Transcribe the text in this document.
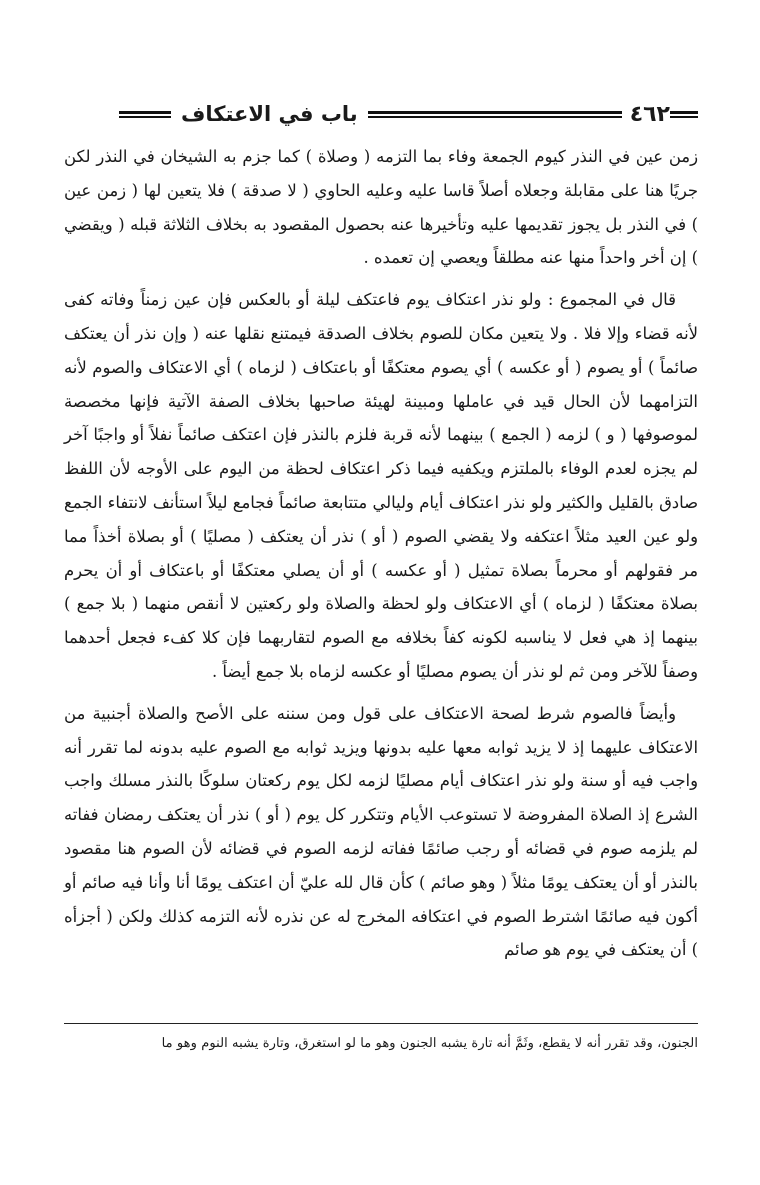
٤٦٢
باب في الاعتكاف

زمن عين في النذر كيوم الجمعة وفاء بما التزمه ( وصلاة ) كما جزم به الشيخان في النذر لكن جريًا هنا على مقابلة وجعلاه أصلاً قاسا عليه وعليه الحاوي ( لا صدقة ) فلا يتعين لها ( زمن عين ) في النذر بل يجوز تقديمها عليه وتأخيرها عنه بحصول المقصود به بخلاف الثلاثة قبله ( ويقضي ) إن أخر واحداً منها عنه مطلقاً ويعصي إن تعمده .

قال في المجموع : ولو نذر اعتكاف يوم فاعتكف ليلة أو بالعكس فإن عين زمناً وفاته كفى لأنه قضاء وإلا فلا . ولا يتعين مكان للصوم بخلاف الصدقة فيمتنع نقلها عنه ( وإن نذر أن يعتكف صائماً ) أو يصوم ( أو عكسه ) أي يصوم معتكفًا أو باعتكاف ( لزماه ) أي الاعتكاف والصوم لأنه التزامهما لأن الحال قيد في عاملها ومبينة لهيئة صاحبها بخلاف الصفة الآتية فإنها مخصصة لموصوفها ( و ) لزمه ( الجمع ) بينهما لأنه قربة فلزم بالنذر فإن اعتكف صائماً نفلاً أو واجبًا آخر لم يجزه لعدم الوفاء بالملتزم ويكفيه فيما ذكر اعتكاف لحظة من اليوم على الأوجه لأن اللفظ صادق بالقليل والكثير ولو نذر اعتكاف أيام وليالي متتابعة صائماً فجامع ليلاً استأنف لانتفاء الجمع ولو عين العيد مثلاً اعتكفه ولا يقضي الصوم ( أو ) نذر أن يعتكف ( مصليًا ) أو بصلاة أخذاً مما مر فقولهم أو محرماً بصلاة تمثيل ( أو عكسه ) أو أن يصلي معتكفًا أو باعتكاف أو أن يحرم بصلاة معتكفًا ( لزماه ) أي الاعتكاف ولو لحظة والصلاة ولو ركعتين لا أنقص منهما ( بلا جمع ) بينهما إذ هي فعل لا يناسبه لكونه كفاً بخلافه مع الصوم لتقاربهما فإن كلا كفء فجعل أحدهما وصفاً للآخر ومن ثم لو نذر أن يصوم مصليًا أو عكسه لزماه بلا جمع أيضاً .

وأيضاً فالصوم شرط لصحة الاعتكاف على قول ومن سننه على الأصح والصلاة أجنبية من الاعتكاف عليهما إذ لا يزيد ثوابه معها عليه بدونها ويزيد ثوابه مع الصوم عليه بدونه لما تقرر أنه واجب فيه أو سنة ولو نذر اعتكاف أيام مصليًا لزمه لكل يوم ركعتان سلوكًا بالنذر مسلك واجب الشرع إذ الصلاة المفروضة لا تستوعب الأيام وتتكرر كل يوم ( أو ) نذر أن يعتكف رمضان ففاته لم يلزمه صوم في قضائه أو رجب صائمًا ففاته لزمه الصوم في قضائه لأن الصوم هنا مقصود بالنذر أو أن يعتكف يومًا مثلاً ( وهو صائم ) كأن قال لله عليّ أن اعتكف يومًا أنا وأنا فيه صائم أو أكون فيه صائمًا اشترط الصوم في اعتكافه المخرج له عن نذره لأنه التزمه كذلك ولكن ( أجزأه ) أن يعتكف في يوم هو صائم

الجنون، وقد تقرر أنه لا يقطع، وثَمَّ أنه تارة يشبه الجنون وهو ما لو استغرق، وتارة يشبه النوم وهو ما
